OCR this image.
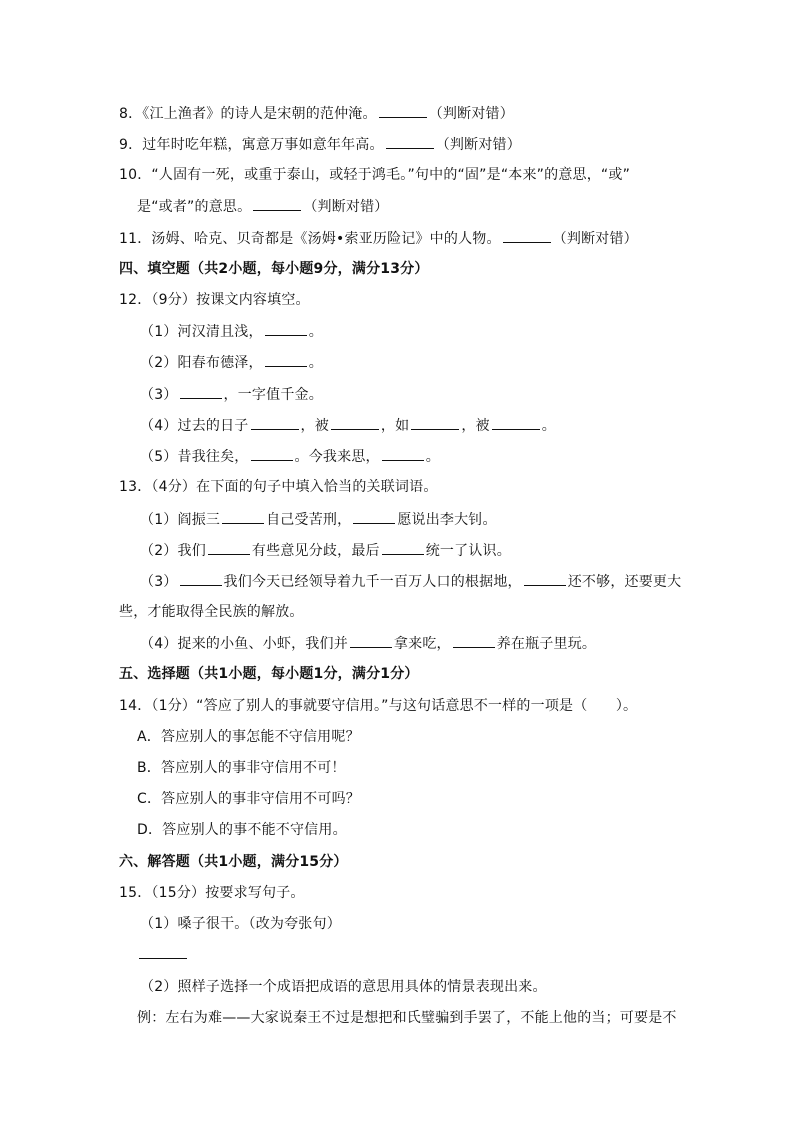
8．《江上渔者》的诗人是宋朝的范仲淹。	（判断对错）
9．过年时吃年糕，寓意万事如意年年高。	（判断对错）
10．“人固有一死，或重于泰山，或轻于鸿毛。”句中的“固”是“本来”的意思，“或”
是“或者”的意思。	（判断对错）
11．汤姆、哈克、贝奇都是《汤姆•索亚历险记》中的人物。	（判断对错）
四、填空题（共2小题，每小题9分，满分13分）
12．（9分）按课文内容填空。
（1）河汉清且浅，	。
（2）阳春布德泽，	。
（3）	，一字值千金。
（4）过去的日子	，被	，如	，被	。
（5）昔我往矣，	。今我来思，	。
13．（4分）在下面的句子中填入恰当的关联词语。
（1）阎振三	自己受苦刑，	愿说出李大钊。
（2）我们	有些意见分歧，最后	统一了认识。
（3）	我们今天已经领导着九千一百万人口的根据地，	还不够，还要更大
些，才能取得全民族的解放。
（4）捉来的小鱼、小虾，我们并	拿来吃，	养在瓶子里玩。
五、选择题（共1小题，每小题1分，满分1分）
14．（1分）“答应了别人的事就要守信用。”与这句话意思不一样的一项是（　　）。
A．答应别人的事怎能不守信用呢？
B．答应别人的事非守信用不可！
C．答应别人的事非守信用不可吗？
D．答应别人的事不能不守信用。
六、解答题（共1小题，满分15分）
15．（15分）按要求写句子。
（1）嗓子很干。（改为夸张句）
（2）照样子选择一个成语把成语的意思用具体的情景表现出来。
例：左右为难——大家说秦王不过是想把和氏璧骗到手罢了，不能上他的当；可要是不
